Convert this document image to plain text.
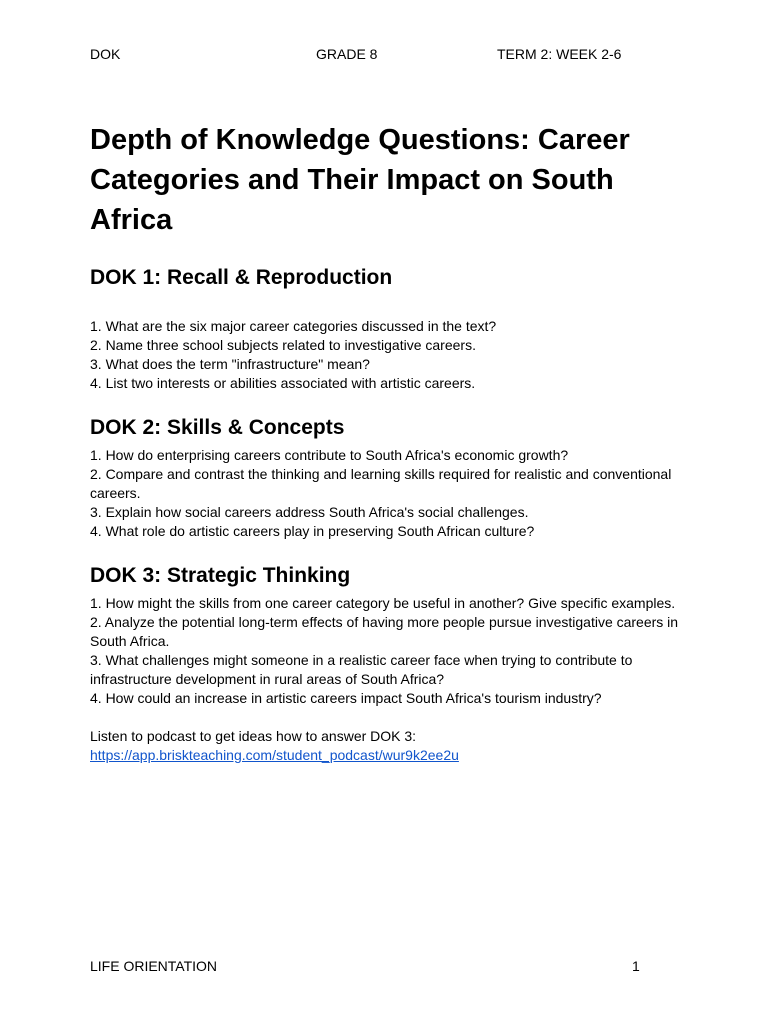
DOK	GRADE 8	TERM 2: WEEK 2-6
Depth of Knowledge Questions: Career Categories and Their Impact on South Africa
DOK 1: Recall & Reproduction

1. What are the six major career categories discussed in the text?

2. Name three school subjects related to investigative careers.

3. What does the term "infrastructure" mean?

4. List two interests or abilities associated with artistic careers.

DOK 2: Skills & Concepts

1. How do enterprising careers contribute to South Africa's economic growth?

2. Compare and contrast the thinking and learning skills required for realistic and conventional careers.

3. Explain how social careers address South Africa's social challenges.

4. What role do artistic careers play in preserving South African culture?

DOK 3: Strategic Thinking

1. How might the skills from one career category be useful in another? Give specific examples.

2. Analyze the potential long-term effects of having more people pursue investigative careers in South Africa.

3. What challenges might someone in a realistic career face when trying to contribute to infrastructure development in rural areas of South Africa?

4. How could an increase in artistic careers impact South Africa's tourism industry?

Listen to podcast to get ideas how to answer DOK 3:

https://app.briskteaching.com/student_podcast/wur9k2ee2u

LIFE ORIENTATION	1
